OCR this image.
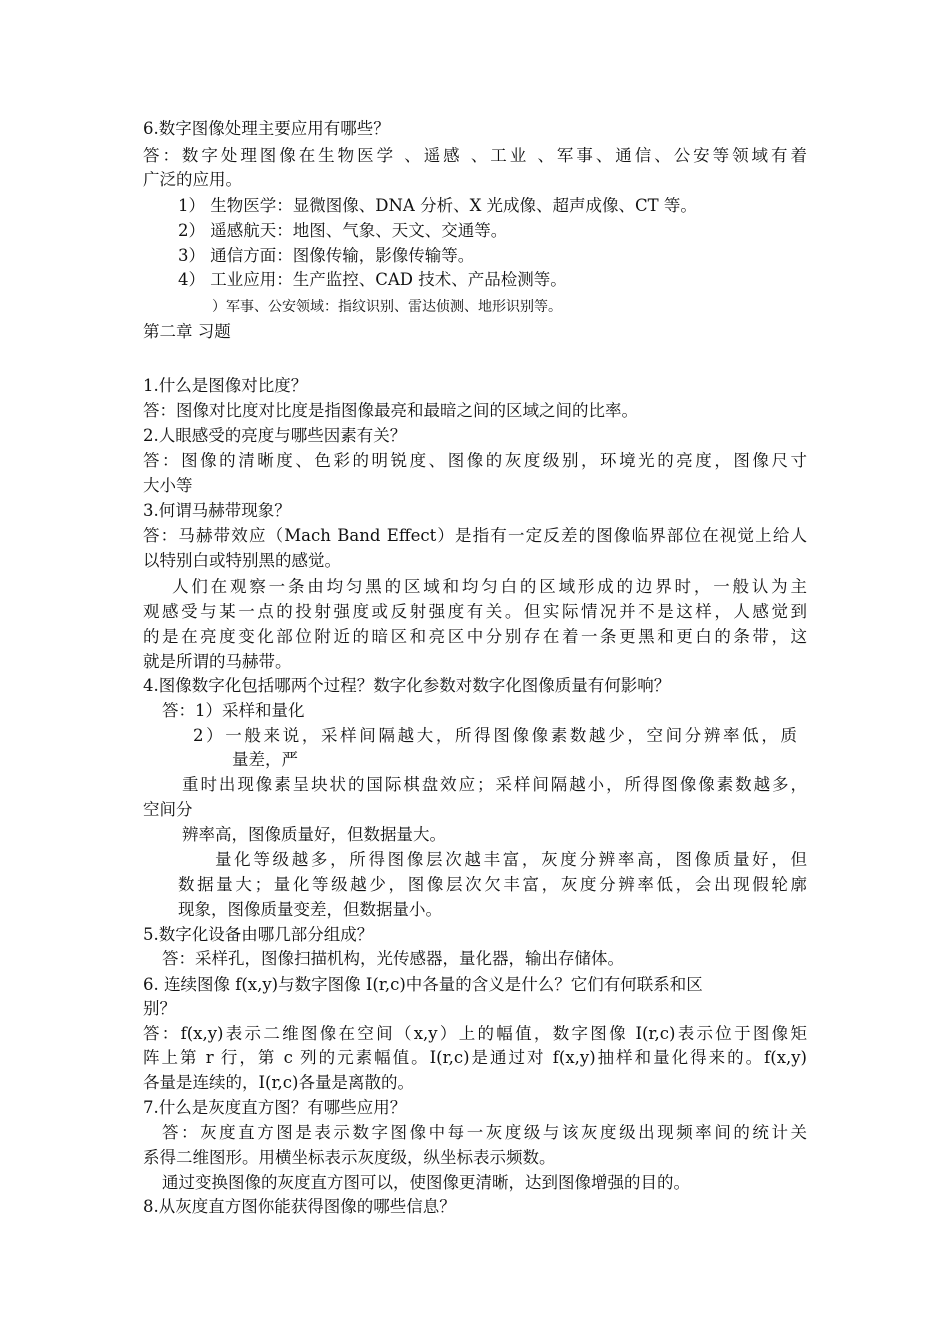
6.数字图像处理主要应用有哪些？
答：数字处理图像在生物医学 、遥感 、工业 、军事、通信、公安等领域有着
广泛的应用。
1） 生物医学：显微图像、DNA 分析、X 光成像、超声成像、CT 等。
2） 遥感航天：地图、气象、天文、交通等。
3） 通信方面：图像传输，影像传输等。
4） 工业应用：生产监控、CAD 技术、产品检测等。
）军事、公安领域：指纹识别、雷达侦测、地形识别等。
第二章 习题
1.什么是图像对比度？
答：图像对比度对比度是指图像最亮和最暗之间的区域之间的比率。
2.人眼感受的亮度与哪些因素有关？
答：图像的清晰度、色彩的明锐度、图像的灰度级别，环境光的亮度，图像尺寸
大小等
3.何谓马赫带现象？
答：马赫带效应（Mach Band Effect）是指有一定反差的图像临界部位在视觉上给人
以特别白或特别黑的感觉。
人们在观察一条由均匀黑的区域和均匀白的区域形成的边界时，一般认为主
观感受与某一点的投射强度或反射强度有关。但实际情况并不是这样，人感觉到
的是在亮度变化部位附近的暗区和亮区中分别存在着一条更黑和更白的条带，这
就是所谓的马赫带。
4.图像数字化包括哪两个过程？数字化参数对数字化图像质量有何影响？
答：1）采样和量化
2）一般来说，采样间隔越大，所得图像像素数越少，空间分辨率低，质
量差，严
重时出现像素呈块状的国际棋盘效应；采样间隔越小，所得图像像素数越多，
空间分
辨率高，图像质量好，但数据量大。
量化等级越多，所得图像层次越丰富，灰度分辨率高，图像质量好，但
数据量大；量化等级越少，图像层次欠丰富，灰度分辨率低，会出现假轮廓
现象，图像质量变差，但数据量小。
5.数字化设备由哪几部分组成？
答：采样孔，图像扫描机构，光传感器，量化器，输出存储体。
6. 连续图像 f(x,y)与数字图像 I(r,c)中各量的含义是什么？它们有何联系和区
别？
答：f(x,y)表示二维图像在空间（x,y）上的幅值，数字图像 I(r,c)表示位于图像矩
阵上第 r 行，第 c 列的元素幅值。I(r,c)是通过对 f(x,y)抽样和量化得来的。f(x,y)
各量是连续的，I(r,c)各量是离散的。
7.什么是灰度直方图？有哪些应用？
答：灰度直方图是表示数字图像中每一灰度级与该灰度级出现频率间的统计关
系得二维图形。用横坐标表示灰度级，纵坐标表示频数。
通过变换图像的灰度直方图可以，使图像更清晰，达到图像增强的目的。
8.从灰度直方图你能获得图像的哪些信息？
